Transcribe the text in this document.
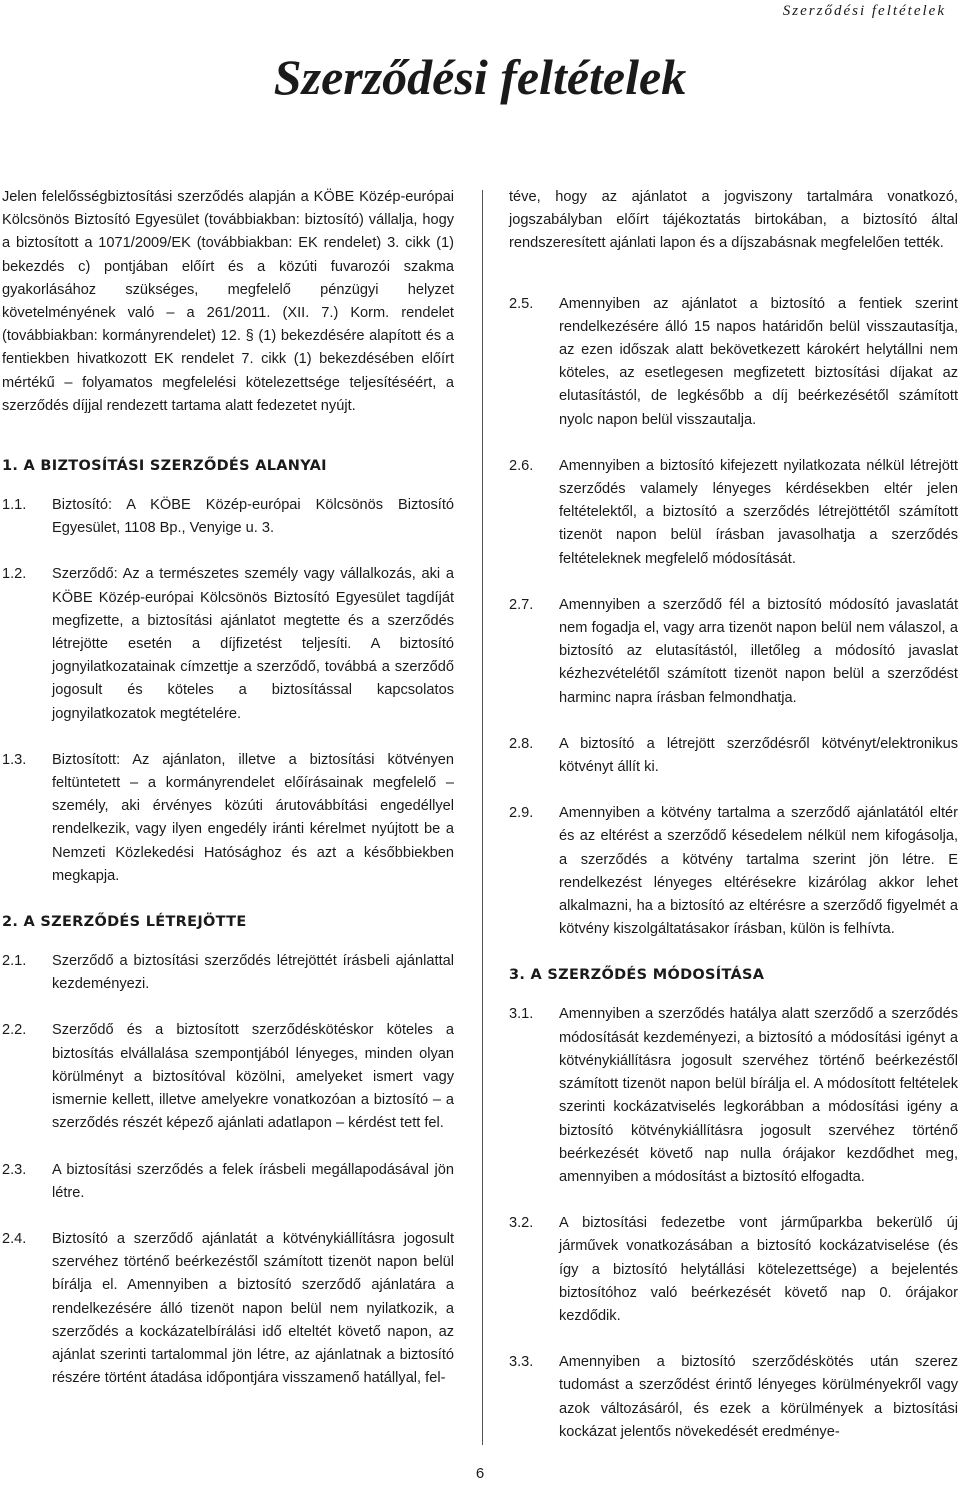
Szerződési feltételek
Szerződési feltételek

Jelen felelősségbiztosítási szerződés alapján a KÖBE Közép-európai Kölcsönös Biztosító Egyesület (továbbiakban: biztosító) vállalja, hogy a biztosított a 1071/2009/EK (továbbiakban: EK rendelet) 3. cikk (1) bekezdés c) pontjában előírt és a közúti fuvarozói szakma gyakorlásához szükséges, megfelelő pénzügyi helyzet követelményének való – a 261/2011. (XII. 7.) Korm. rendelet (továbbiakban: kormányrendelet) 12. § (1) bekezdésére alapított és a fentiekben hivatkozott EK rendelet 7. cikk (1) bekezdésében előírt mértékű – folyamatos megfelelési kötelezettsége teljesítéséért, a szerződés díjjal rendezett tartama alatt fedezetet nyújt.

1. A BIZTOSÍTÁSI SZERZŐDÉS ALANYAI
1.1.	Biztosító: A KÖBE Közép-európai Kölcsönös Biztosító Egyesület, 1108 Bp., Venyige u. 3.
1.2.	Szerződő: Az a természetes személy vagy vállalkozás, aki a KÖBE Közép-európai Kölcsönös Biztosító Egyesület tagdíját megfizette, a biztosítási ajánlatot megtette és a szerződés létrejötte esetén a díjfizetést teljesíti. A biztosító jognyilatkozatainak címzettje a szerződő, továbbá a szerződő jogosult és köteles a biztosítással kapcsolatos jognyilatkozatok megtételére.
1.3.	Biztosított: Az ajánlaton, illetve a biztosítási kötvényen feltüntetett – a kormányrendelet előírásainak megfelelő – személy, aki érvényes közúti árutovábbítási engedéllyel rendelkezik, vagy ilyen engedély iránti kérelmet nyújtott be a Nemzeti Közlekedési Hatósághoz és azt a későbbiekben megkapja.
2. A SZERZŐDÉS LÉTREJÖTTE
2.1.	Szerződő a biztosítási szerződés létrejöttét írásbeli ajánlattal kezdeményezi.
2.2.	Szerződő és a biztosított szerződéskötéskor köteles a biztosítás elvállalása szempontjából lényeges, minden olyan körülményt a biztosítóval közölni, amelyeket ismert vagy ismernie kellett, illetve amelyekre vonatkozóan a biztosító – a szerződés részét képező ajánlati adatlapon – kérdést tett fel.
2.3.	A biztosítási szerződés a felek írásbeli megállapodásával jön létre.
2.4.	Biztosító a szerződő ajánlatát a kötvénykiállításra jogosult szervéhez történő beérkezéstől számított tizenöt napon belül bírálja el. Amennyiben a biztosító szerződő ajánlatára a rendelkezésére álló tizenöt napon belül nem nyilatkozik, a szerződés a kockázatelbírálási idő elteltét követő napon, az ajánlat szerinti tartalommal jön létre, az ajánlatnak a biztosító részére történt átadása időpontjára visszamenő hatállyal, fel-

téve, hogy az ajánlatot a jogviszony tartalmára vonatkozó, jogszabályban előírt tájékoztatás birtokában, a biztosító által rendszeresített ajánlati lapon és a díjszabásnak megfelelően tették.

2.5.	Amennyiben az ajánlatot a biztosító a fentiek szerint rendelkezésére álló 15 napos határidőn belül visszautasítja, az ezen időszak alatt bekövetkezett károkért helytállni nem köteles, az esetlegesen megfizetett biztosítási díjakat az elutasítástól, de legkésőbb a díj beérkezésétől számított nyolc napon belül visszautalja.
2.6.	Amennyiben a biztosító kifejezett nyilatkozata nélkül létrejött szerződés valamely lényeges kérdésekben eltér jelen feltételektől, a biztosító a szerződés létrejöttétől számított tizenöt napon belül írásban javasolhatja a szerződés feltételeknek megfelelő módosítását.
2.7.	Amennyiben a szerződő fél a biztosító módosító javaslatát nem fogadja el, vagy arra tizenöt napon belül nem válaszol, a biztosító az elutasítástól, illetőleg a módosító javaslat kézhezvételétől számított tizenöt napon belül a szerződést harminc napra írásban felmondhatja.
2.8.	A biztosító a létrejött szerződésről kötvényt/elektronikus kötvényt állít ki.
2.9.	Amennyiben a kötvény tartalma a szerződő ajánlatától eltér és az eltérést a szerződő késedelem nélkül nem kifogásolja, a szerződés a kötvény tartalma szerint jön létre. E rendelkezést lényeges eltérésekre kizárólag akkor lehet alkalmazni, ha a biztosító az eltérésre a szerződő figyelmét a kötvény kiszolgáltatásakor írásban, külön is felhívta.
3. A SZERZŐDÉS MÓDOSÍTÁSA
3.1.	Amennyiben a szerződés hatálya alatt szerződő a szerződés módosítását kezdeményezi, a biztosító a módosítási igényt a kötvénykiállításra jogosult szervéhez történő beérkezéstől számított tizenöt napon belül bírálja el. A módosított feltételek szerinti kockázatviselés legkorábban a módosítási igény a biztosító kötvénykiállításra jogosult szervéhez történő beérkezését követő nap nulla órájakor kezdődhet meg, amennyiben a módosítást a biztosító elfogadta.
3.2.	A biztosítási fedezetbe vont járműparkba bekerülő új járművek vonatkozásában a biztosító kockázatviselése (és így a biztosító helytállási kötelezettsége) a bejelentés biztosítóhoz való beérkezését követő nap 0. órájakor kezdődik.
3.3.	Amennyiben a biztosító szerződéskötés után szerez tudomást a szerződést érintő lényeges körülményekről vagy azok változásáról, és ezek a körülmények a biztosítási kockázat jelentős növekedését eredménye-
6
